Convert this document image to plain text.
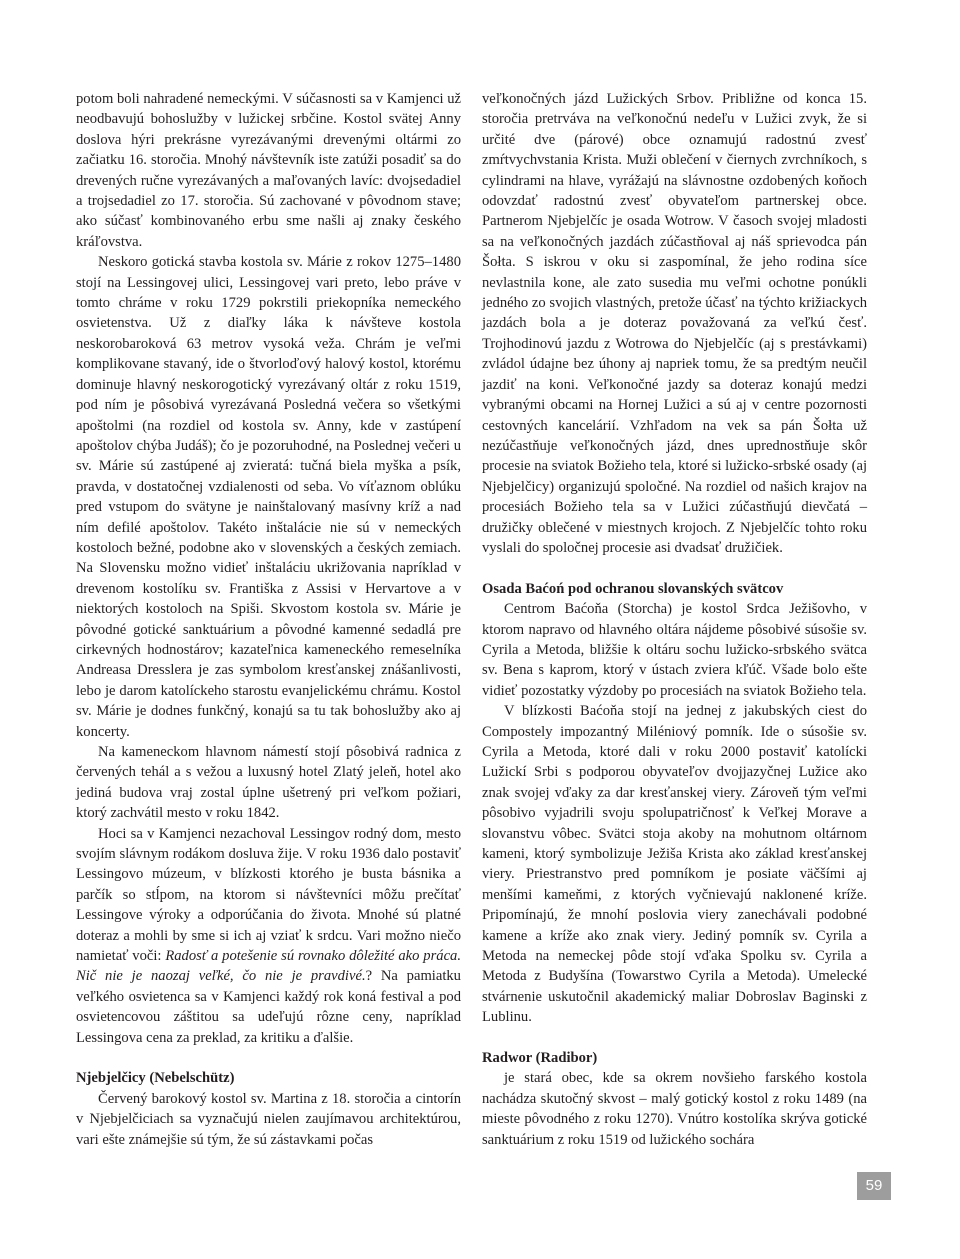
potom boli nahradené nemeckými. V súčasnosti sa v Kamjenci už neodbavujú bohoslužby v lužickej srbčine. Kostol svätej Anny doslova hýri prekrásne vyrezávanými drevenými oltármi zo začiatku 16. storočia. Mnohý návštevník iste zatúži posadiť sa do drevených ručne vyrezávaných a maľovaných lavíc: dvojsedadiel a trojsedadiel zo 17. storočia. Sú zachované v pôvodnom stave; ako súčasť kombinovaného erbu sme našli aj znaky českého kráľovstva.

Neskoro gotická stavba kostola sv. Márie z rokov 1275–1480 stojí na Lessingovej ulici, Lessingovej vari preto, lebo práve v tomto chráme v roku 1729 pokrstili priekopníka nemeckého osvietenstva. Už z diaľky láka k návšteve kostola neskorobaroková 63 metrov vysoká veža. Chrám je veľmi komplikovane stavaný, ide o štvorloďový halový kostol, ktorému dominuje hlavný neskorogotický vyrezávaný oltár z roku 1519, pod ním je pôsobivá vyrezávaná Posledná večera so všetkými apoštolmi (na rozdiel od kostola sv. Anny, kde v zastúpení apoštolov chýba Judáš); čo je pozoruhodné, na Poslednej večeri u sv. Márie sú zastúpené aj zvieratá: tučná biela myška a psík, pravda, v dostatočnej vzdialenosti od seba. Vo víťaznom oblúku pred vstupom do svätyne je nainštalovaný masívny kríž a nad ním defilé apoštolov. Takéto inštalácie nie sú v nemeckých kostoloch bežné, podobne ako v slovenských a českých zemiach. Na Slovensku možno vidieť inštaláciu ukrižovania napríklad v drevenom kostolíku sv. Františka z Assisi v Hervartove a v niektorých kostoloch na Spiši. Skvostom kostola sv. Márie je pôvodné gotické sanktuárium a pôvodné kamenné sedadlá pre cirkevných hodnostárov; kazateľnica kameneckého remeselníka Andreasa Dresslera je zas symbolom kresťanskej znášanlivosti, lebo je darom katolíckeho starostu evanjelickému chrámu. Kostol sv. Márie je dodnes funkčný, konajú sa tu tak bohoslužby ako aj koncerty.

Na kameneckom hlavnom námestí stojí pôsobivá radnica z červených tehál a s vežou a luxusný hotel Zlatý jeleň, hotel ako jediná budova vraj zostal úplne ušetrený pri veľkom požiari, ktorý zachvátil mesto v roku 1842.

Hoci sa v Kamjenci nezachoval Lessingov rodný dom, mesto svojím slávnym rodákom dosluva žije. V roku 1936 dalo postaviť Lessingovo múzeum, v blízkosti ktorého je busta básnika a parčík so stĺpom, na ktorom si návštevníci môžu prečítať Lessingove výroky a odporúčania do života. Mnohé sú platné doteraz a mohli by sme si ich aj vziať k srdcu. Vari možno niečo namietať voči: Radosť a potešenie sú rovnako dôležité ako práca. Nič nie je naozaj veľké, čo nie je pravdivé.? Na pamiatku veľkého osvietenca sa v Kamjenci každý rok koná festival a pod osvietencovou záštitou sa udeľujú rôzne ceny, napríklad Lessingova cena za preklad, za kritiku a ďalšie.

Njebjelčicy (Nebelschütz)

Červený barokový kostol sv. Martina z 18. storočia a cintorín v Njebjelčiciach sa vyznačujú nielen zaujímavou architektúrou, vari ešte známejšie sú tým, že sú zástavkami počas

veľkonočných jázd Lužických Srbov. Približne od konca 15. storočia pretrváva na veľkonočnú nedeľu v Lužici zvyk, že si určité dve (párové) obce oznamujú radostnú zvesť zmŕtvychvstania Krista. Muži oblečení v čiernych zvrchníkoch, s cylindrami na hlave, vyrážajú na slávnostne ozdobených koňoch odovzdať radostnú zvesť obyvateľom partnerskej obce. Partnerom Njebjelčíc je osada Wotrow. V časoch svojej mladosti sa na veľkonočných jazdách zúčastňoval aj náš sprievodca pán Šołta. S iskrou v oku si zaspomínal, že jeho rodina síce nevlastnila kone, ale zato susedia mu veľmi ochotne ponúkli jedného zo svojich vlastných, pretože účasť na týchto križiackych jazdách bola a je doteraz považovaná za veľkú česť. Trojhodinovú jazdu z Wotrowa do Njebjelčíc (aj s prestávkami) zvládol údajne bez úhony aj napriek tomu, že sa predtým neučil jazdiť na koni. Veľkonočné jazdy sa doteraz konajú medzi vybranými obcami na Hornej Lužici a sú aj v centre pozornosti cestovných kancelárií. Vzhľadom na vek sa pán Šołta už nezúčastňuje veľkonočných jázd, dnes uprednostňuje skôr procesie na sviatok Božieho tela, ktoré si lužicko-srbské osady (aj Njebjelčicy) organizujú spoločné. Na rozdiel od našich krajov na procesiách Božieho tela sa v Lužici zúčastňujú dievčatá – družičky oblečené v miestnych krojoch. Z Njebjelčíc tohto roku vyslali do spoločnej procesie asi dvadsať družičiek.

Osada Baćoń pod ochranou slovanských svätcov

Centrom Baćoňa (Storcha) je kostol Srdca Ježišovho, v ktorom napravo od hlavného oltára nájdeme pôsobivé súsošie sv. Cyrila a Metoda, bližšie k oltáru sochu lužicko-srbského svätca sv. Bena s kaprom, ktorý v ústach zviera kľúč. Všade bolo ešte vidieť pozostatky výzdoby po procesiách na sviatok Božieho tela.

V blízkosti Baćoňa stojí na jednej z jakubských ciest do Compostely impozantný Miléniový pomník. Ide o súsošie sv. Cyrila a Metoda, ktoré dali v roku 2000 postaviť katolícki Lužickí Srbi s podporou obyvateľov dvojjazyčnej Lužice ako znak svojej vďaky za dar kresťanskej viery. Zároveň tým veľmi pôsobivo vyjadrili svoju spolupatričnosť k Veľkej Morave a slovanstvu vôbec. Svätci stoja akoby na mohutnom oltárnom kameni, ktorý symbolizuje Ježiša Krista ako základ kresťanskej viery. Priestranstvo pred pomníkom je posiate väčšími aj menšími kameňmi, z ktorých vyčnievajú naklonené kríže. Pripomínajú, že mnohí poslovia viery zanechávali podobné kamene a kríže ako znak viery. Jediný pomník sv. Cyrila a Metoda na nemeckej pôde stojí vďaka Spolku sv. Cyrila a Metoda z Budyšína (Towarstwo Cyrila a Metoda). Umelecké stvárnenie uskutočnil akademický maliar Dobroslav Baginski z Lublinu.

Radwor (Radibor)

je stará obec, kde sa okrem novšieho farského kostola nachádza skutočný skvost – malý gotický kostol z roku 1489 (na mieste pôvodného z roku 1270). Vnútro kostolíka skrýva gotické sanktuárium z roku 1519 od lužického sochára

59
